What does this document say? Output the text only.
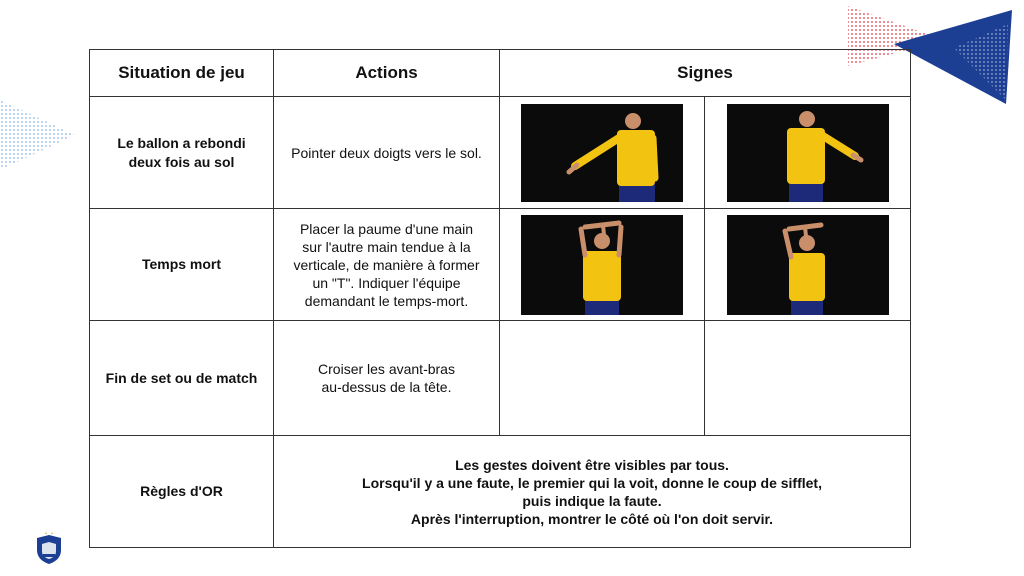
Situation de jeu	Actions	Signes	
Le ballon a rebondi
deux fois au sol	Pointer deux doigts vers le sol.	

Temps mort	Placer la paume d'une main
sur l'autre main tendue à la
verticale, de manière à former
un "T". Indiquer l'équipe
demandant le temps-mort.	

Fin de set ou de match	Croiser les avant-bras
au-dessus de la tête.		
Règles d'OR	Les gestes doivent être visibles par tous.
Lorsqu'il y a une faute, le premier qui la voit, donne le coup de sifflet,
puis indique la faute.
Après l'interruption, montrer le côté où l'on doit servir.		
